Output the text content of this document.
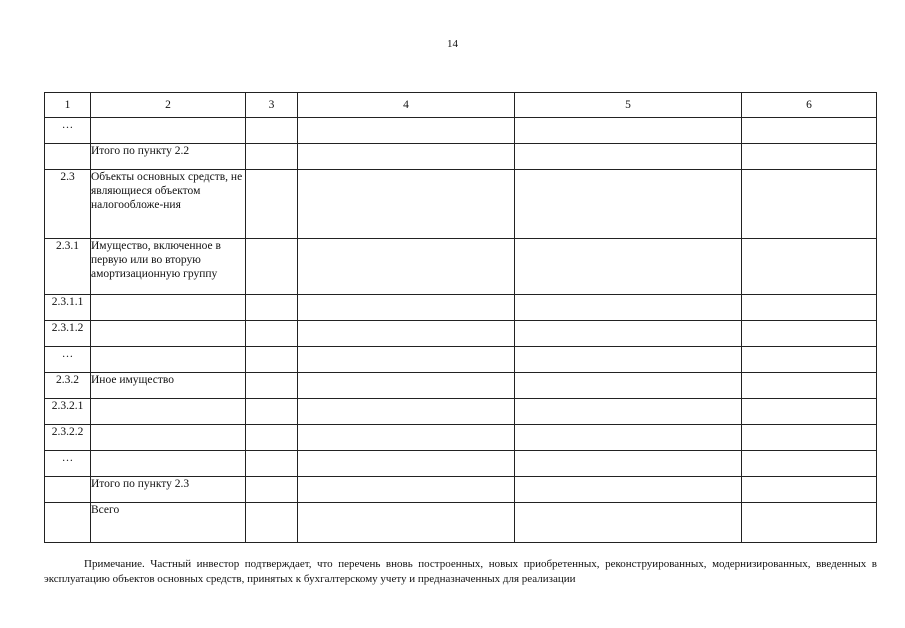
14
1	2	3	4	5	6
…					
	Итого по пункту 2.2				
2.3	Объекты основных средств, не являющиеся объектом налогообложе-ния				
2.3.1	Имущество, включенное в первую или во вторую амортизационную группу				
2.3.1.1					
2.3.1.2					
…					
2.3.2	Иное имущество				
2.3.2.1					
2.3.2.2					
…					
	Итого по пункту 2.3				
	Всего				
Примечание. Частный инвестор подтверждает, что перечень вновь построенных, новых приобретенных, реконструированных, модернизированных, введенных в эксплуатацию объектов основных средств, принятых к бухгалтерскому учету и предназначенных для реализации
